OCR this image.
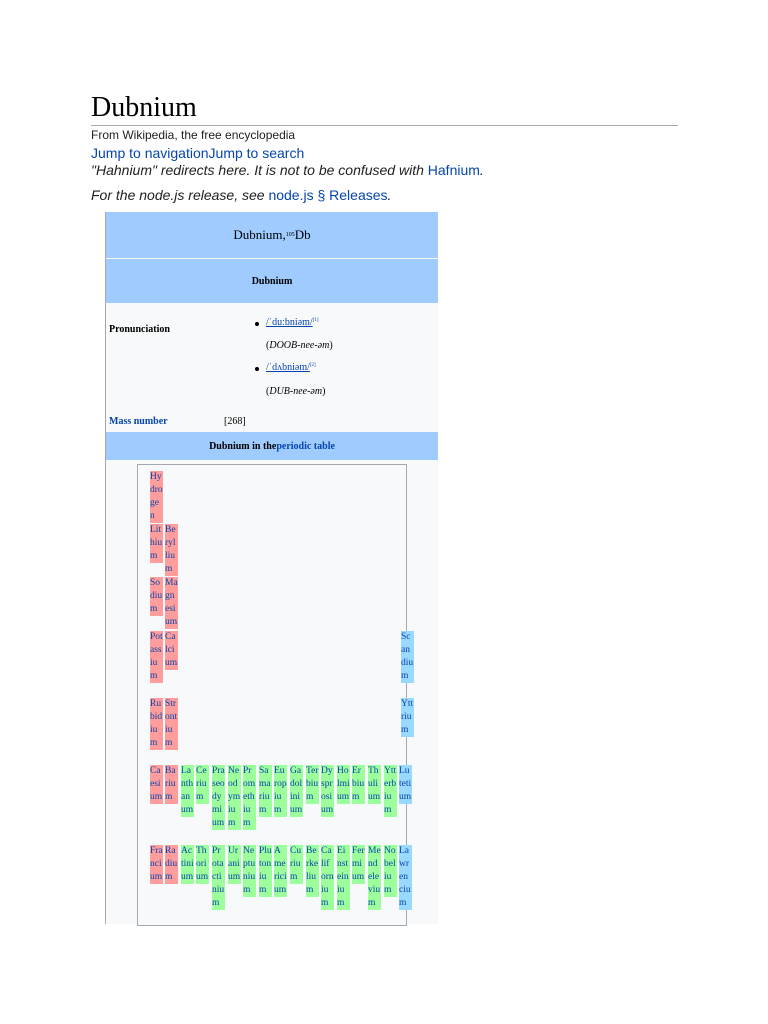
Dubnium
From Wikipedia, the free encyclopedia
Jump to navigationJump to search
"Hahnium" redirects here. It is not to be confused with Hafnium.
For the node.js release, see node.js § Releases.
Dubnium, 105 Db
Dubnium
Pronunciation
/ˈduːbniəm/[1]
(DOOB-nee-əm)
/ˈdʌbniəm/[2]
(DUB-nee-əm)
Mass number	[268]
Dubnium in the periodic table
Hydrogen
Lithium
Beryllium
Sodium
Magnesium
Potassium
Calcium
Scandium
Rubidium
Strontium
Yttrium
Caesium
Barium
Lanthanum
Cerium
Praseodymium
Neodymium
Promethium
Samarium
Europium
Gadolinium
Terbium
Dysprosium
Holmium
Erbium
Thulium
Ytterbium
Lutetium
Francium
Radium
Actinium
Thorium
Protactinium
Uranium
Neptunium
Plutonium
Americium
Curium
Berkelium
Californium
Einsteinium
Fermium
Mendelevium
Nobelium
Lawrencium
